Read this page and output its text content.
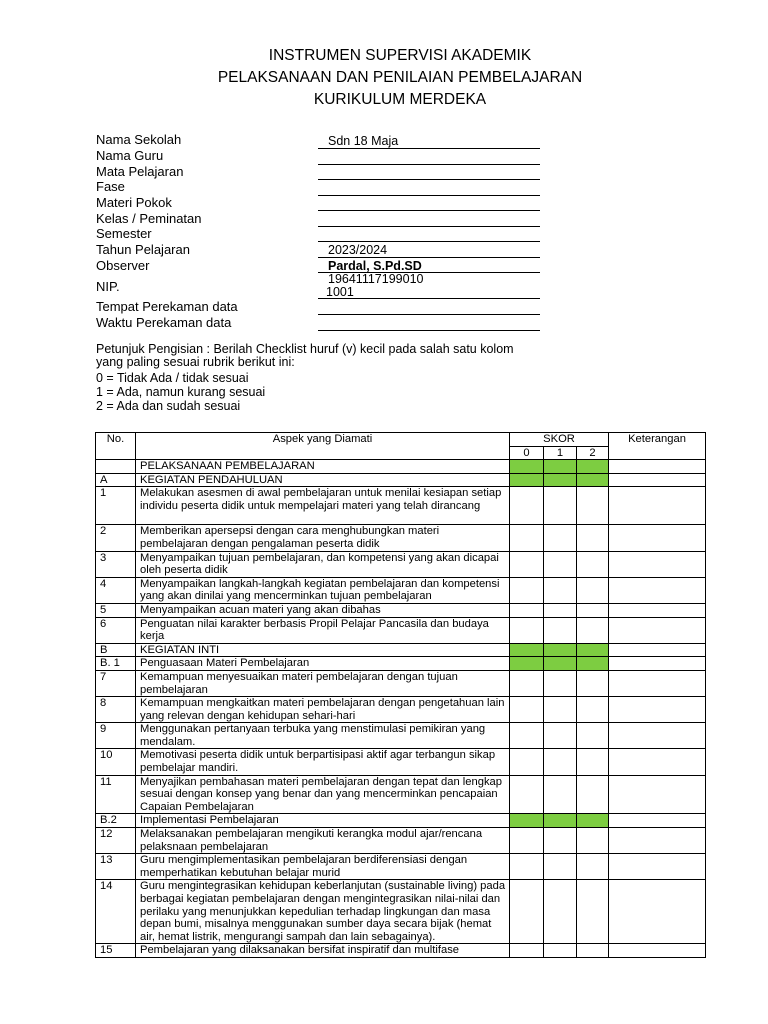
INSTRUMEN SUPERVISI AKADEMIK
PELAKSANAAN DAN PENILAIAN PEMBELAJARAN
KURIKULUM MERDEKA
Nama Sekolah	Sdn 18 Maja
Nama Guru
Mata Pelajaran
Fase
Materi Pokok
Kelas / Peminatan
Semester
Tahun Pelajaran	2023/2024
Observer	Pardal, S.Pd.SD
NIP.	19641117199010
1001
Tempat Perekaman data
Waktu Perekaman data
Petunjuk Pengisian : Berilah Checklist huruf (v) kecil pada salah satu kolom
yang paling sesuai rubrik berikut ini:
0 = Tidak Ada / tidak sesuai
1 = Ada, namun kurang sesuai
2 = Ada dan sudah sesuai
No.	Aspek yang Diamati	SKOR			Keterangan
		0	1	2	
	PELAKSANAAN PEMBELAJARAN				
A	KEGIATAN PENDAHULUAN				
1	Melakukan asesmen di awal pembelajaran untuk menilai kesiapan setiap individu peserta didik untuk mempelajari materi yang telah dirancang				
2	Memberikan apersepsi dengan cara menghubungkan materi pembelajaran dengan pengalaman peserta didik				
3	Menyampaikan tujuan pembelajaran, dan kompetensi yang akan dicapai oleh peserta didik				
4	Menyampaikan langkah-langkah kegiatan pembelajaran dan kompetensi yang akan dinilai yang mencerminkan tujuan pembelajaran				
5	Menyampaikan acuan materi yang akan dibahas				
6	Penguatan nilai karakter berbasis Propil Pelajar Pancasila dan budaya kerja				
B	KEGIATAN INTI				
B. 1	Penguasaan Materi Pembelajaran				
7	Kemampuan menyesuaikan materi pembelajaran dengan tujuan pembelajaran				
8	Kemampuan mengkaitkan materi pembelajaran dengan pengetahuan lain yang relevan dengan kehidupan sehari-hari				
9	Menggunakan pertanyaan terbuka yang menstimulasi pemikiran yang mendalam.				
10	Memotivasi peserta didik untuk berpartisipasi aktif agar terbangun sikap pembelajar mandiri.				
11	Menyajikan pembahasan materi pembelajaran dengan tepat dan lengkap sesuai dengan konsep yang benar dan yang mencerminkan pencapaian Capaian Pembelajaran				
B.2	Implementasi Pembelajaran				
12	Melaksanakan pembelajaran mengikuti kerangka modul ajar/rencana pelaksnaan pembelajaran				
13	Guru mengimplementasikan pembelajaran berdiferensiasi dengan memperhatikan kebutuhan belajar murid				
14	Guru mengintegrasikan kehidupan keberlanjutan (sustainable living) pada berbagai kegiatan pembelajaran dengan mengintegrasikan nilai-nilai dan perilaku yang menunjukkan kepedulian terhadap lingkungan dan masa depan bumi, misalnya menggunakan sumber daya secara bijak (hemat air, hemat listrik, mengurangi sampah dan lain sebagainya).				
15	Pembelajaran yang dilaksanakan bersifat inspiratif dan multifase				
